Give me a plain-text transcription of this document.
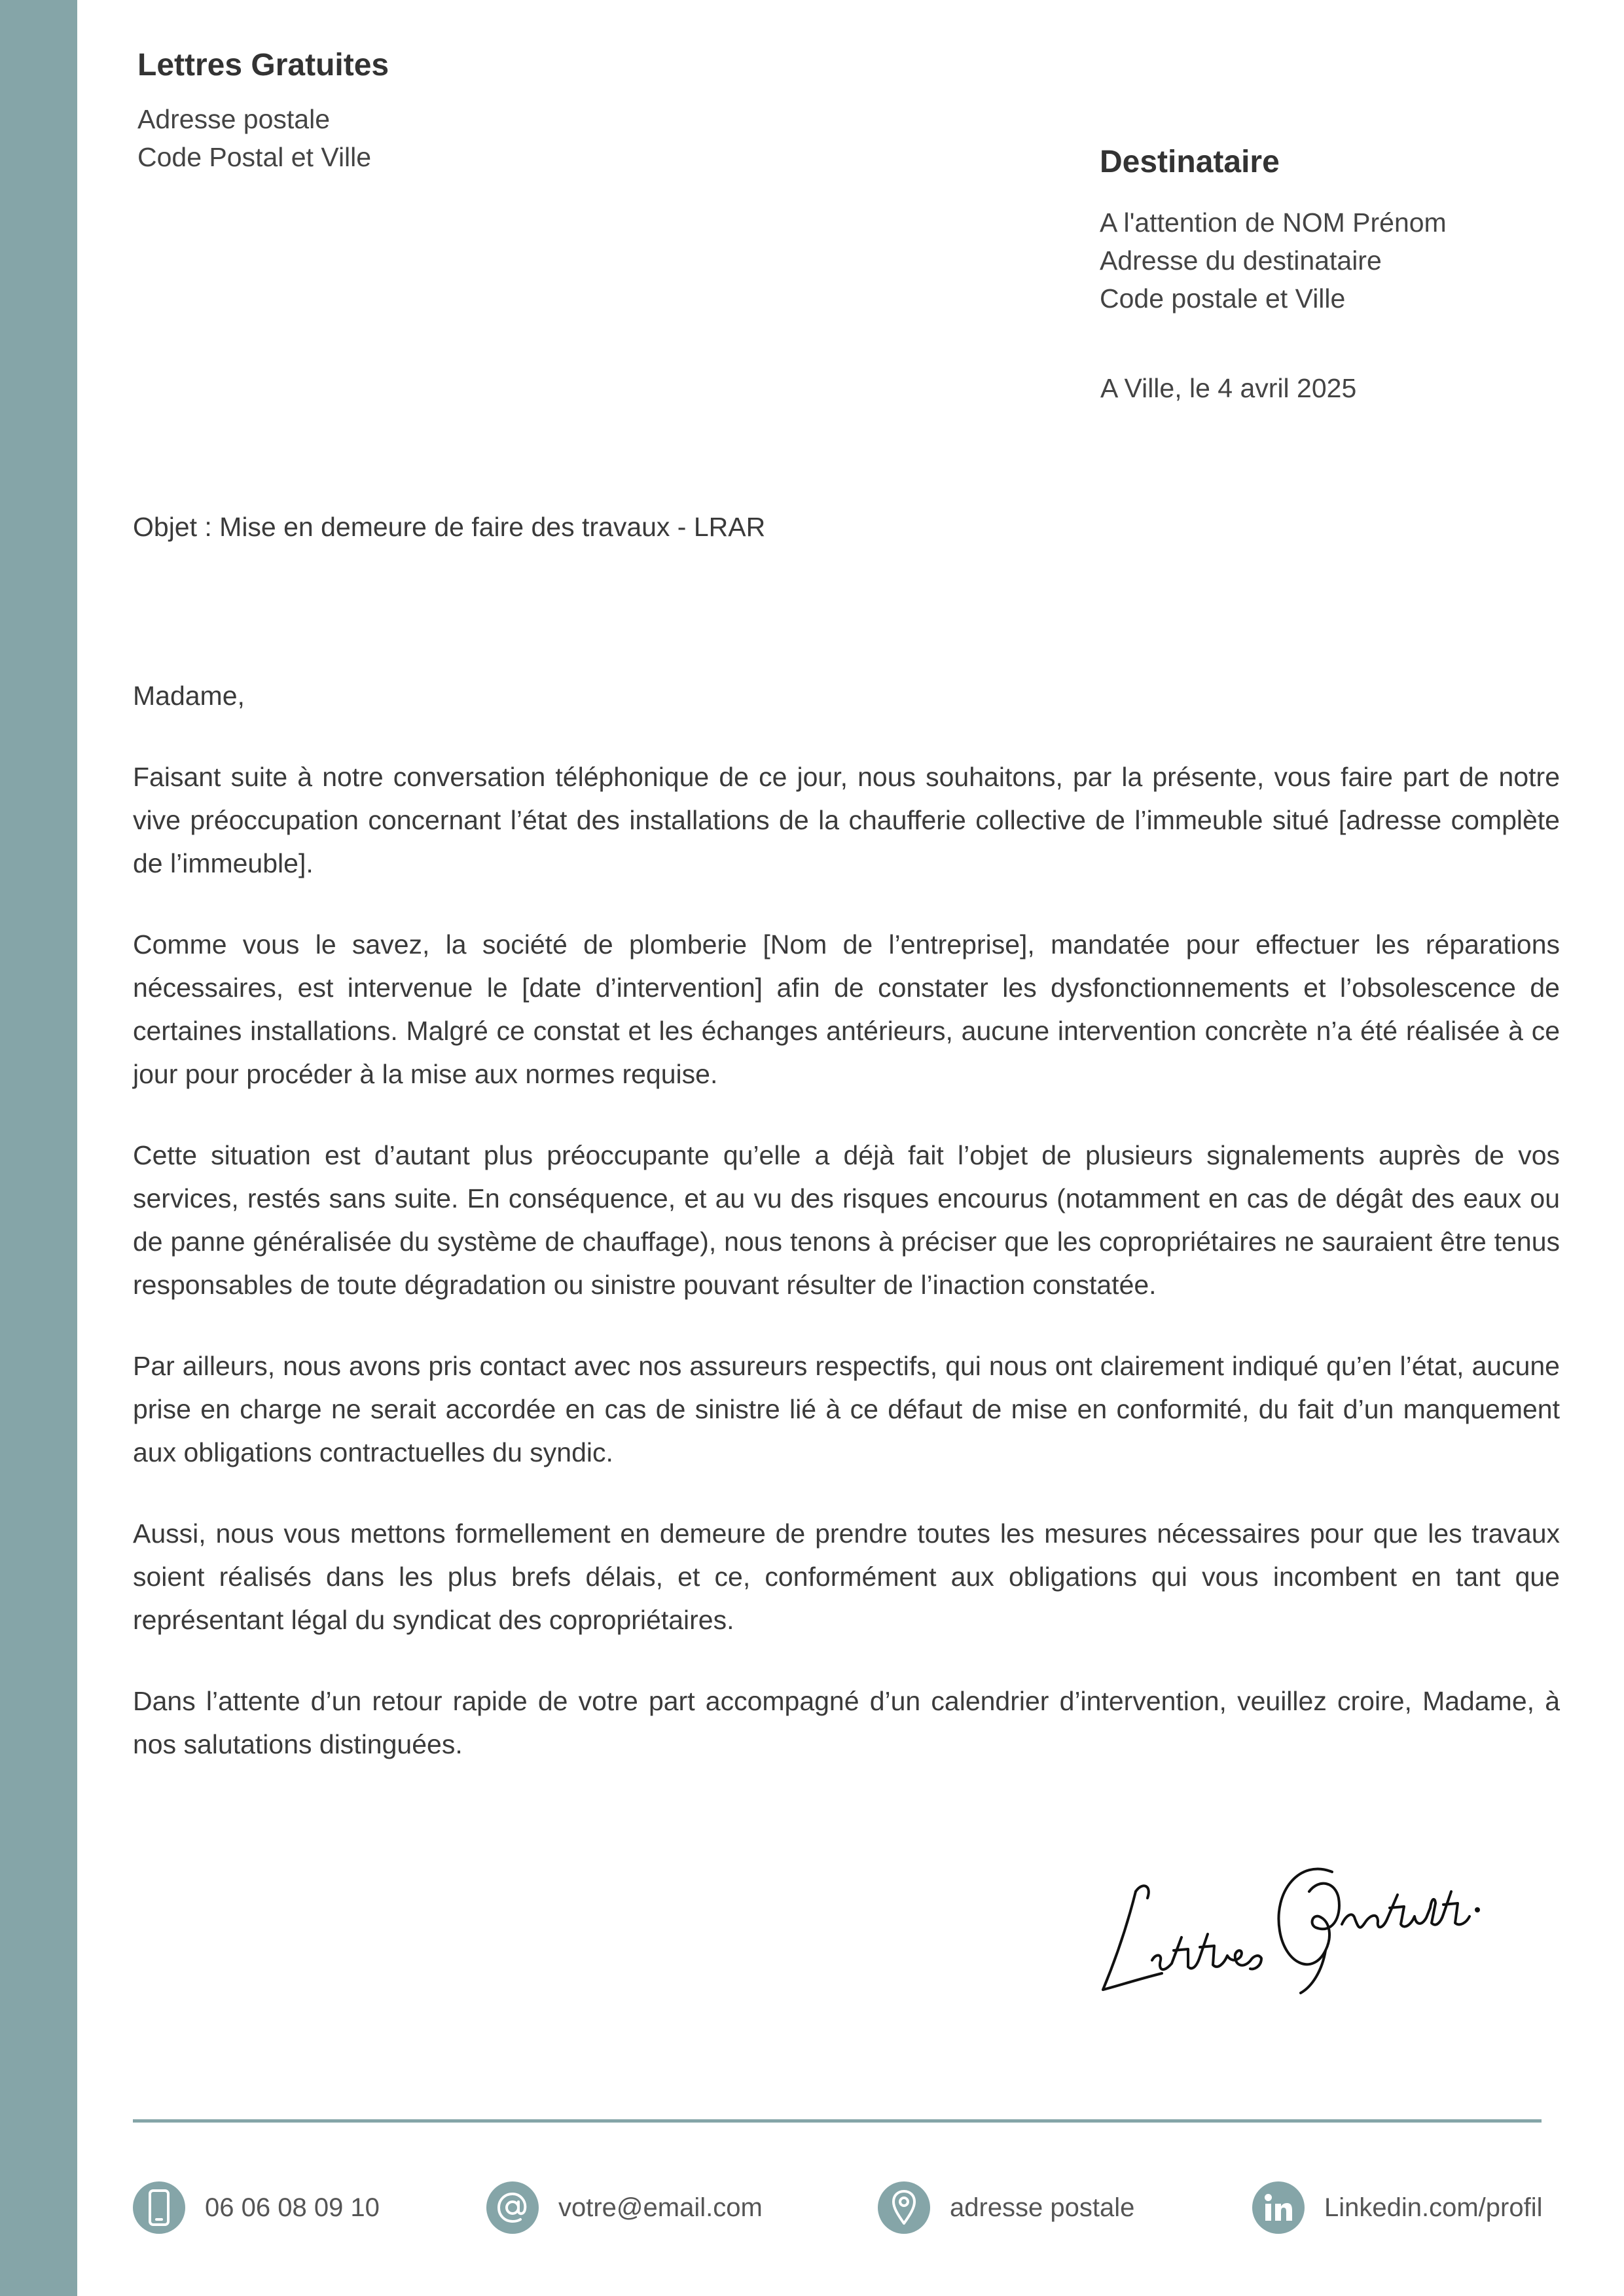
Lettres Gratuites
Adresse postale
Code Postal et Ville	Destinataire
A l'attention de NOM Prénom
Adresse du destinataire
Code postale et Ville
A Ville, le 4 avril 2025
Objet : Mise en demeure de faire des travaux - LRAR

Madame,

Faisant suite à notre conversation téléphonique de ce jour, nous souhaitons, par la présente, vous faire part de notre vive préoccupation concernant l’état des installations de la chaufferie collective de l’immeuble situé [adresse complète de l’immeuble].

Comme vous le savez, la société de plomberie [Nom de l’entreprise], mandatée pour effectuer les réparations nécessaires, est intervenue le [date d’intervention] afin de constater les dysfonctionnements et l’obsolescence de certaines installations. Malgré ce constat et les échanges antérieurs, aucune intervention concrète n’a été réalisée à ce jour pour procéder à la mise aux normes requise.

Cette situation est d’autant plus préoccupante qu’elle a déjà fait l’objet de plusieurs signalements auprès de vos services, restés sans suite. En conséquence, et au vu des risques encourus (notamment en cas de dégât des eaux ou de panne généralisée du système de chauffage), nous tenons à préciser que les copropriétaires ne sauraient être tenus responsables de toute dégradation ou sinistre pouvant résulter de l’inaction constatée.

Par ailleurs, nous avons pris contact avec nos assureurs respectifs, qui nous ont clairement indiqué qu’en l’état, aucune prise en charge ne serait accordée en cas de sinistre lié à ce défaut de mise en conformité, du fait d’un manquement aux obligations contractuelles du syndic.

Aussi, nous vous mettons formellement en demeure de prendre toutes les mesures nécessaires pour que les travaux soient réalisés dans les plus brefs délais, et ce, conformément aux obligations qui vous incombent en tant que représentant légal du syndicat des copropriétaires.

Dans l’attente d’un retour rapide de votre part accompagné d’un calendrier d’intervention, veuillez croire, Madame, à nos salutations distinguées.

06 06 08 09 10	votre@email.com	adresse postale	Linkedin.com/profil
